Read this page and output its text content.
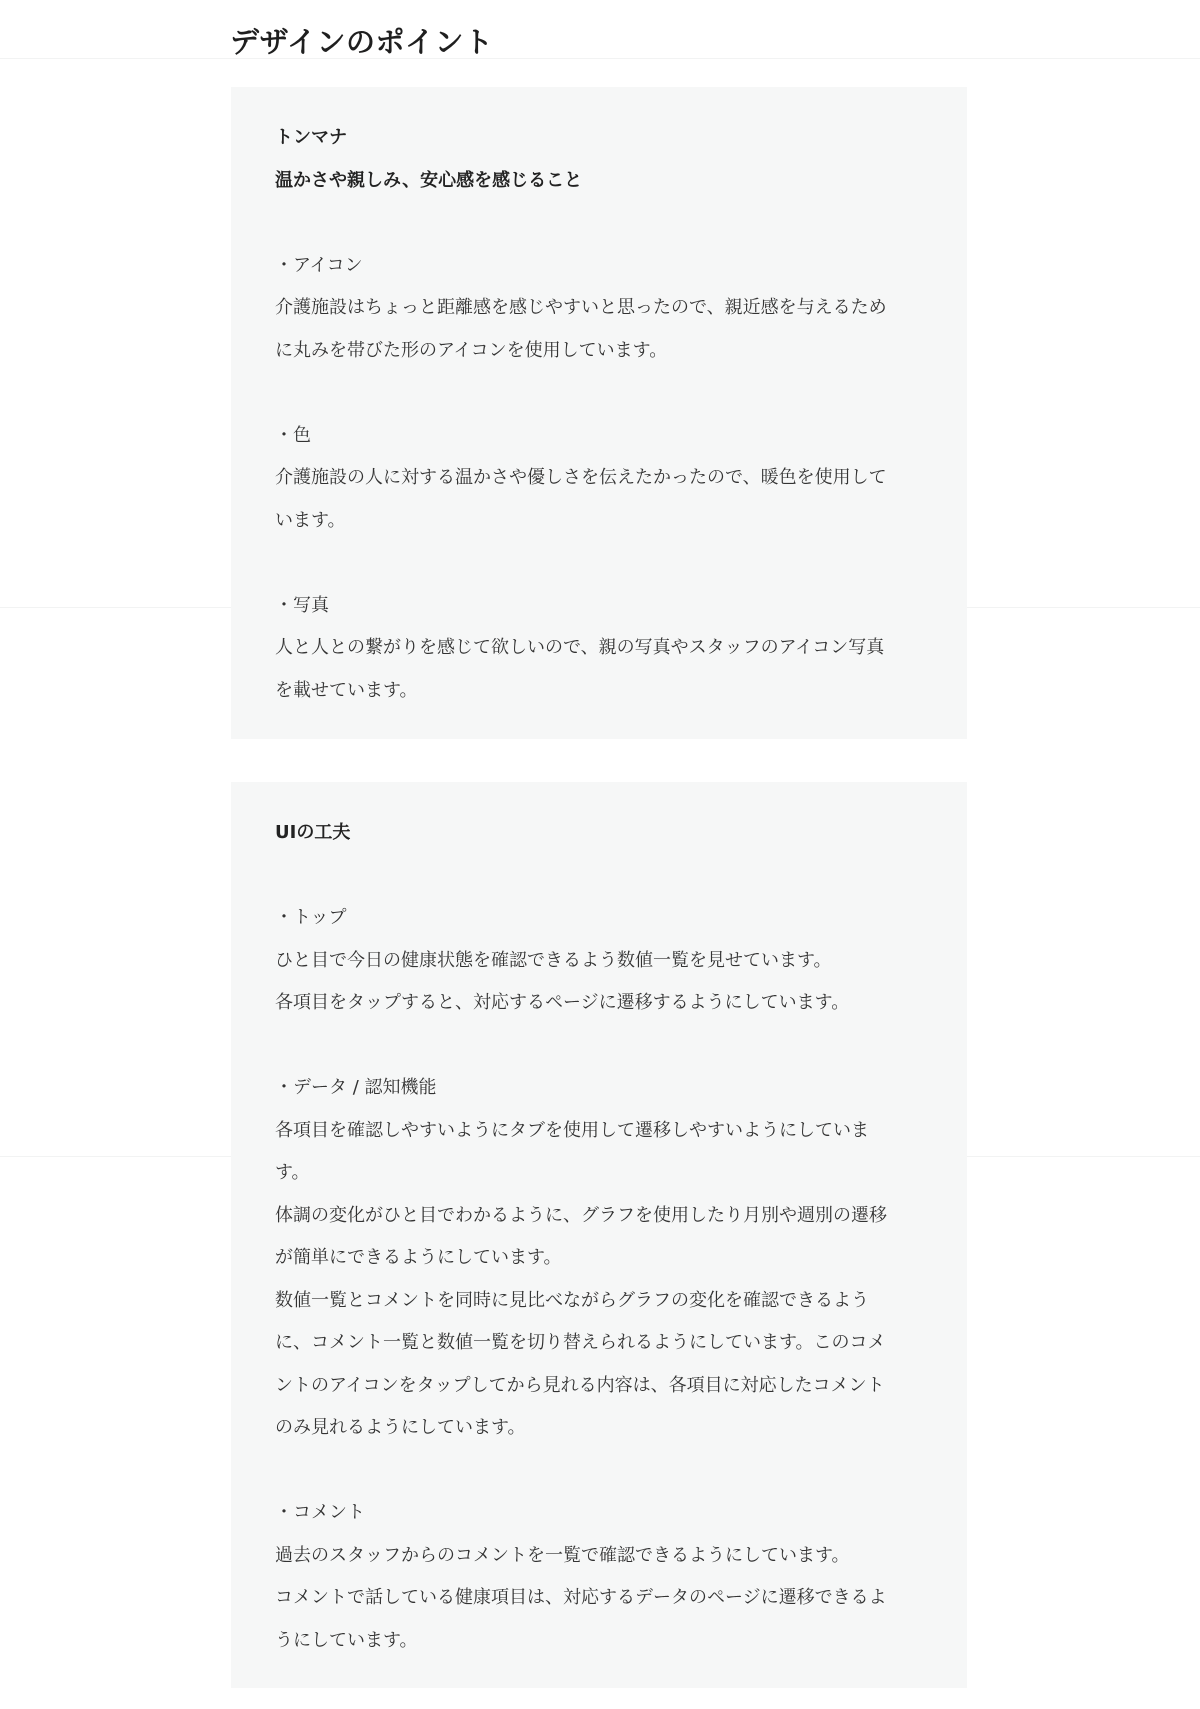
デザインのポイント

トンマナ

温かさや親しみ、安心感を感じること

・アイコン

介護施設はちょっと距離感を感じやすいと思ったので、親近感を与えるため

に丸みを帯びた形のアイコンを使用しています。

・色

介護施設の人に対する温かさや優しさを伝えたかったので、暖色を使用して

います。

・写真

人と人との繋がりを感じて欲しいので、親の写真やスタッフのアイコン写真

を載せています。

UIの工夫

・トップ

ひと目で今日の健康状態を確認できるよう数値一覧を見せています。

各項目をタップすると、対応するページに遷移するようにしています。

・データ / 認知機能

各項目を確認しやすいようにタブを使用して遷移しやすいようにしていま

す。

体調の変化がひと目でわかるように、グラフを使用したり月別や週別の遷移

が簡単にできるようにしています。

数値一覧とコメントを同時に見比べながらグラフの変化を確認できるよう

に、コメント一覧と数値一覧を切り替えられるようにしています。このコメ

ントのアイコンをタップしてから見れる内容は、各項目に対応したコメント

のみ見れるようにしています。

・コメント

過去のスタッフからのコメントを一覧で確認できるようにしています。

コメントで話している健康項目は、対応するデータのページに遷移できるよ

うにしています。
